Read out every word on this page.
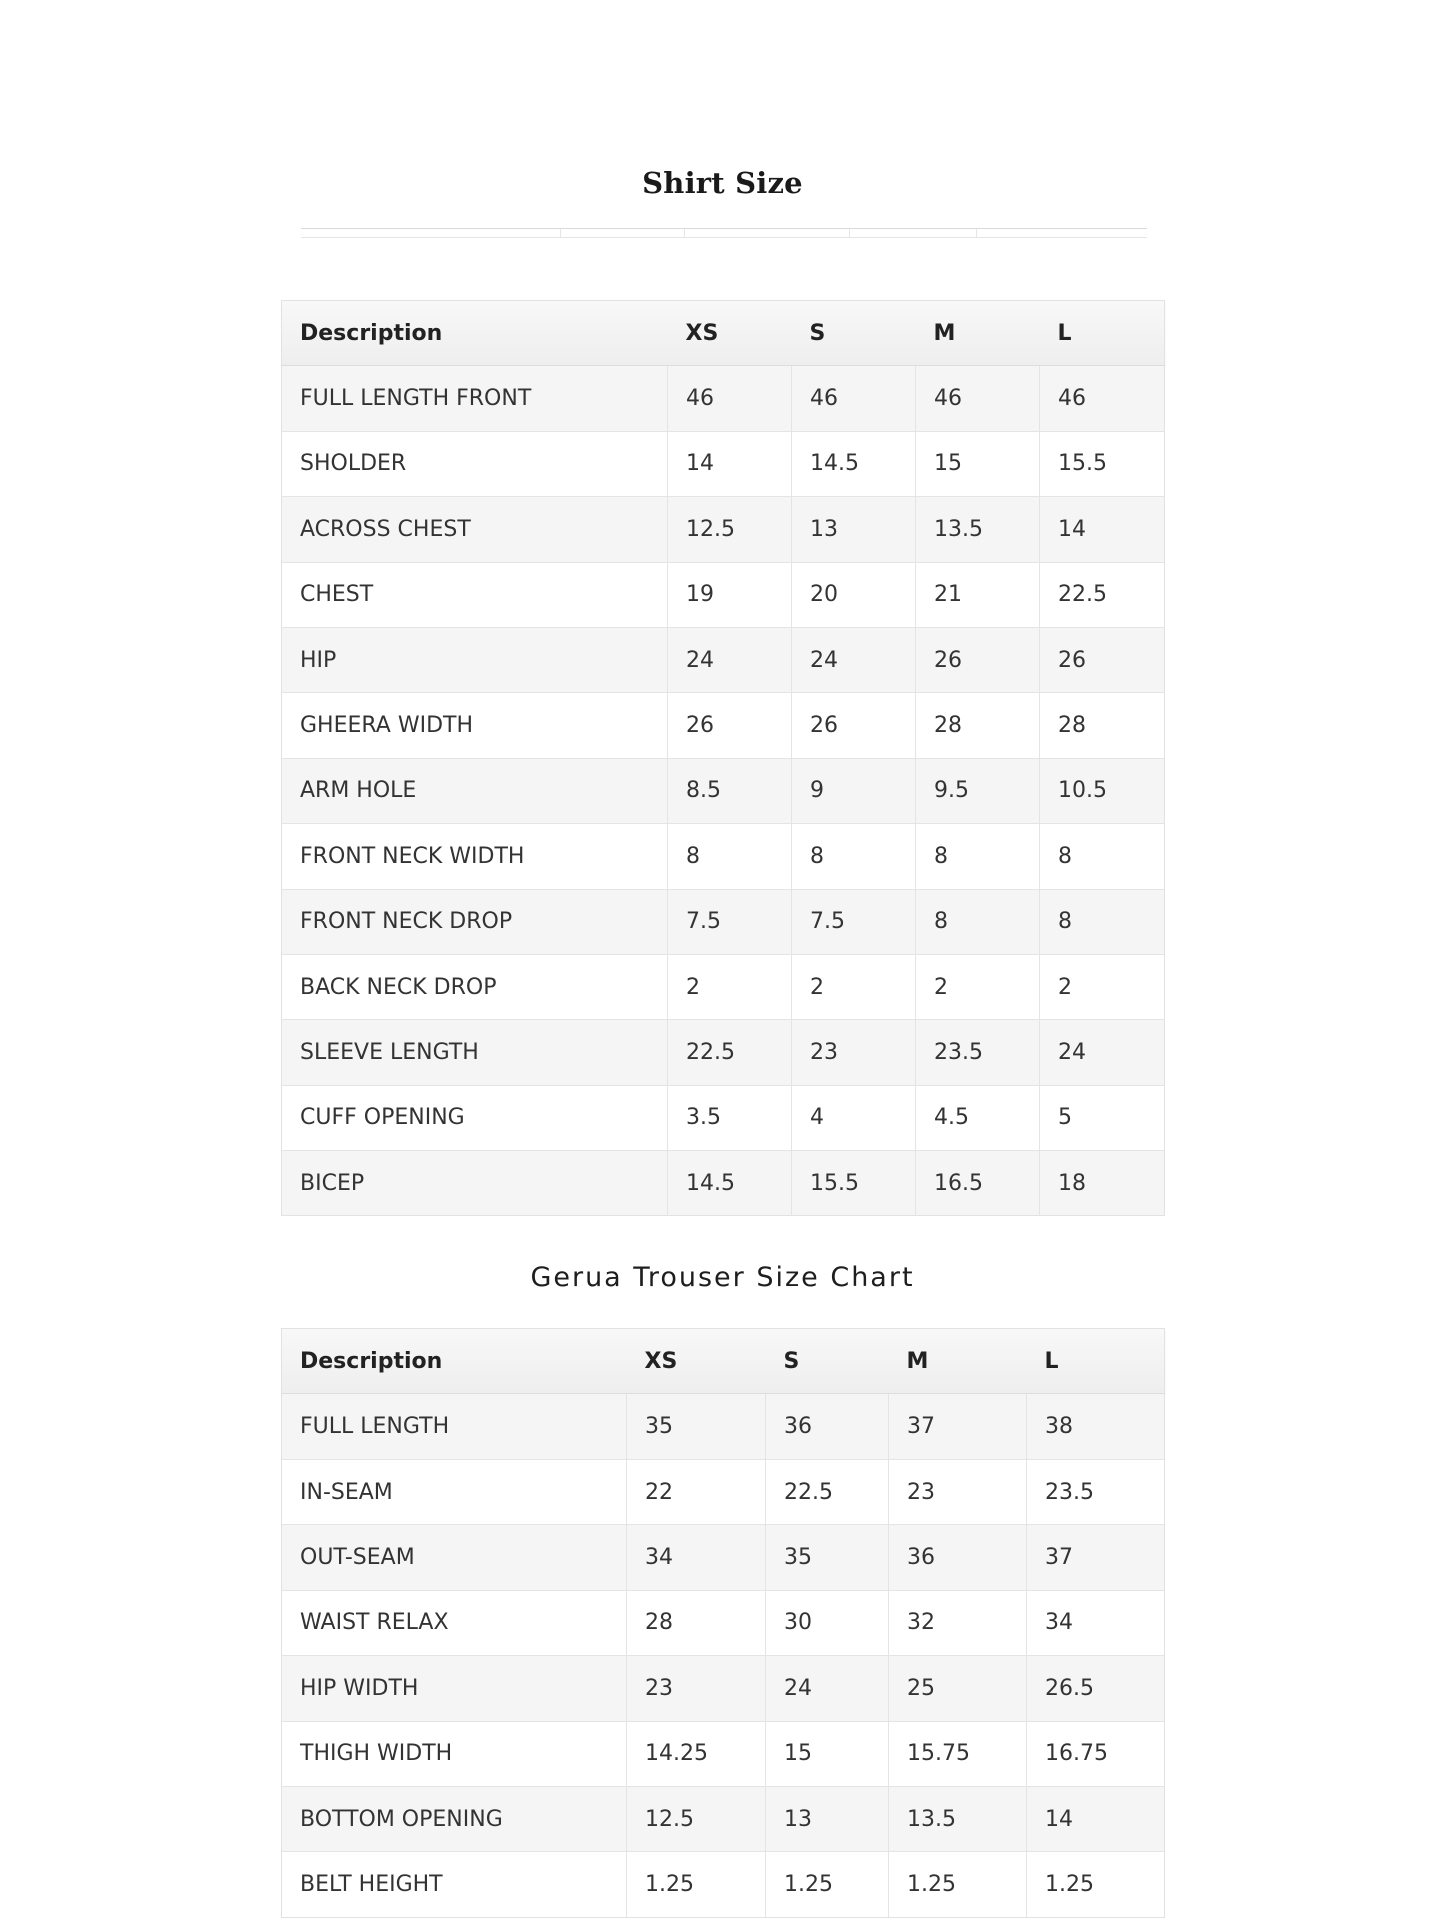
Shirt Size
Description	XS	S	M	L
FULL LENGTH FRONT	46	46	46	46
SHOLDER	14	14.5	15	15.5
ACROSS CHEST	12.5	13	13.5	14
CHEST	19	20	21	22.5
HIP	24	24	26	26
GHEERA WIDTH	26	26	28	28
ARM HOLE	8.5	9	9.5	10.5
FRONT NECK WIDTH	8	8	8	8
FRONT NECK DROP	7.5	7.5	8	8
BACK NECK DROP	2	2	2	2
SLEEVE LENGTH	22.5	23	23.5	24
CUFF OPENING	3.5	4	4.5	5
BICEP	14.5	15.5	16.5	18
Gerua Trouser Size Chart
Description	XS	S	M	L
FULL LENGTH	35	36	37	38
IN-SEAM	22	22.5	23	23.5
OUT-SEAM	34	35	36	37
WAIST RELAX	28	30	32	34
HIP WIDTH	23	24	25	26.5
THIGH WIDTH	14.25	15	15.75	16.75
BOTTOM OPENING	12.5	13	13.5	14
BELT HEIGHT	1.25	1.25	1.25	1.25
